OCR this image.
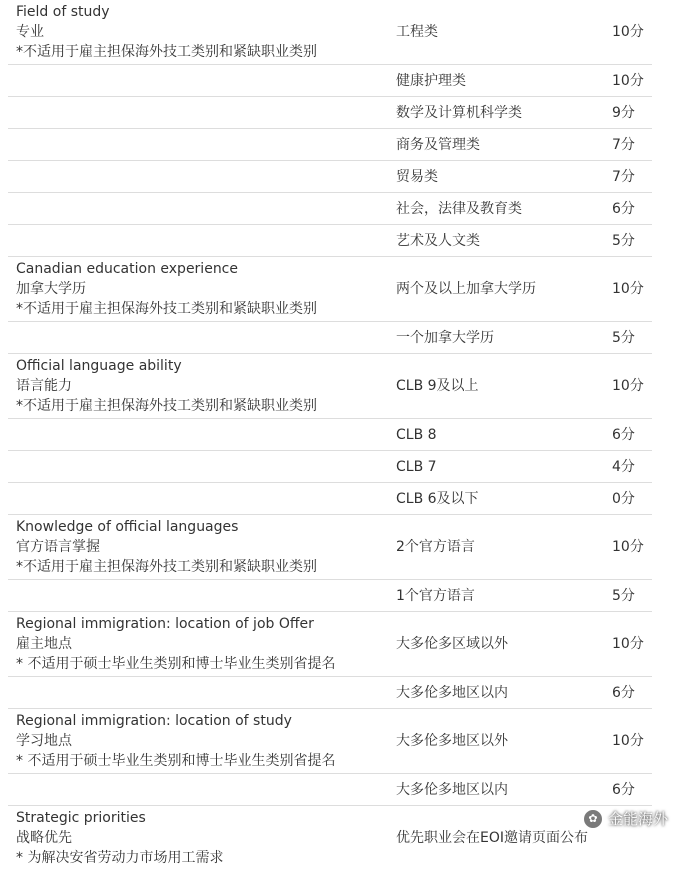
Field of study
专业
*不适用于雇主担保海外技工类别和紧缺职业类别	工程类	10分
	健康护理类	10分
	数学及计算机科学类	9分
	商务及管理类	7分
	贸易类	7分
	社会，法律及教育类	6分
	艺术及人文类	5分

Canadian education experience
加拿大学历
*不适用于雇主担保海外技工类别和紧缺职业类别	两个及以上加拿大学历	10分
	一个加拿大学历	5分

Official language ability
语言能力
*不适用于雇主担保海外技工类别和紧缺职业类别	CLB 9及以上	10分
	CLB 8	6分
	CLB 7	4分
	CLB 6及以下	0分

Knowledge of official languages
官方语言掌握
*不适用于雇主担保海外技工类别和紧缺职业类别	2个官方语言	10分
	1个官方语言	5分

Regional immigration: location of job Offer
雇主地点
* 不适用于硕士毕业生类别和博士毕业生类别省提名	大多伦多区域以外	10分
	大多伦多地区以内	6分

Regional immigration: location of study
学习地点
* 不适用于硕士毕业生类别和博士毕业生类别省提名	大多伦多地区以外	10分
	大多伦多地区以内	6分

Strategic priorities
战略优先
* 为解决安省劳动力市场用工需求	优先职业会在EOI邀请页面公布	
✿ 金能海外
